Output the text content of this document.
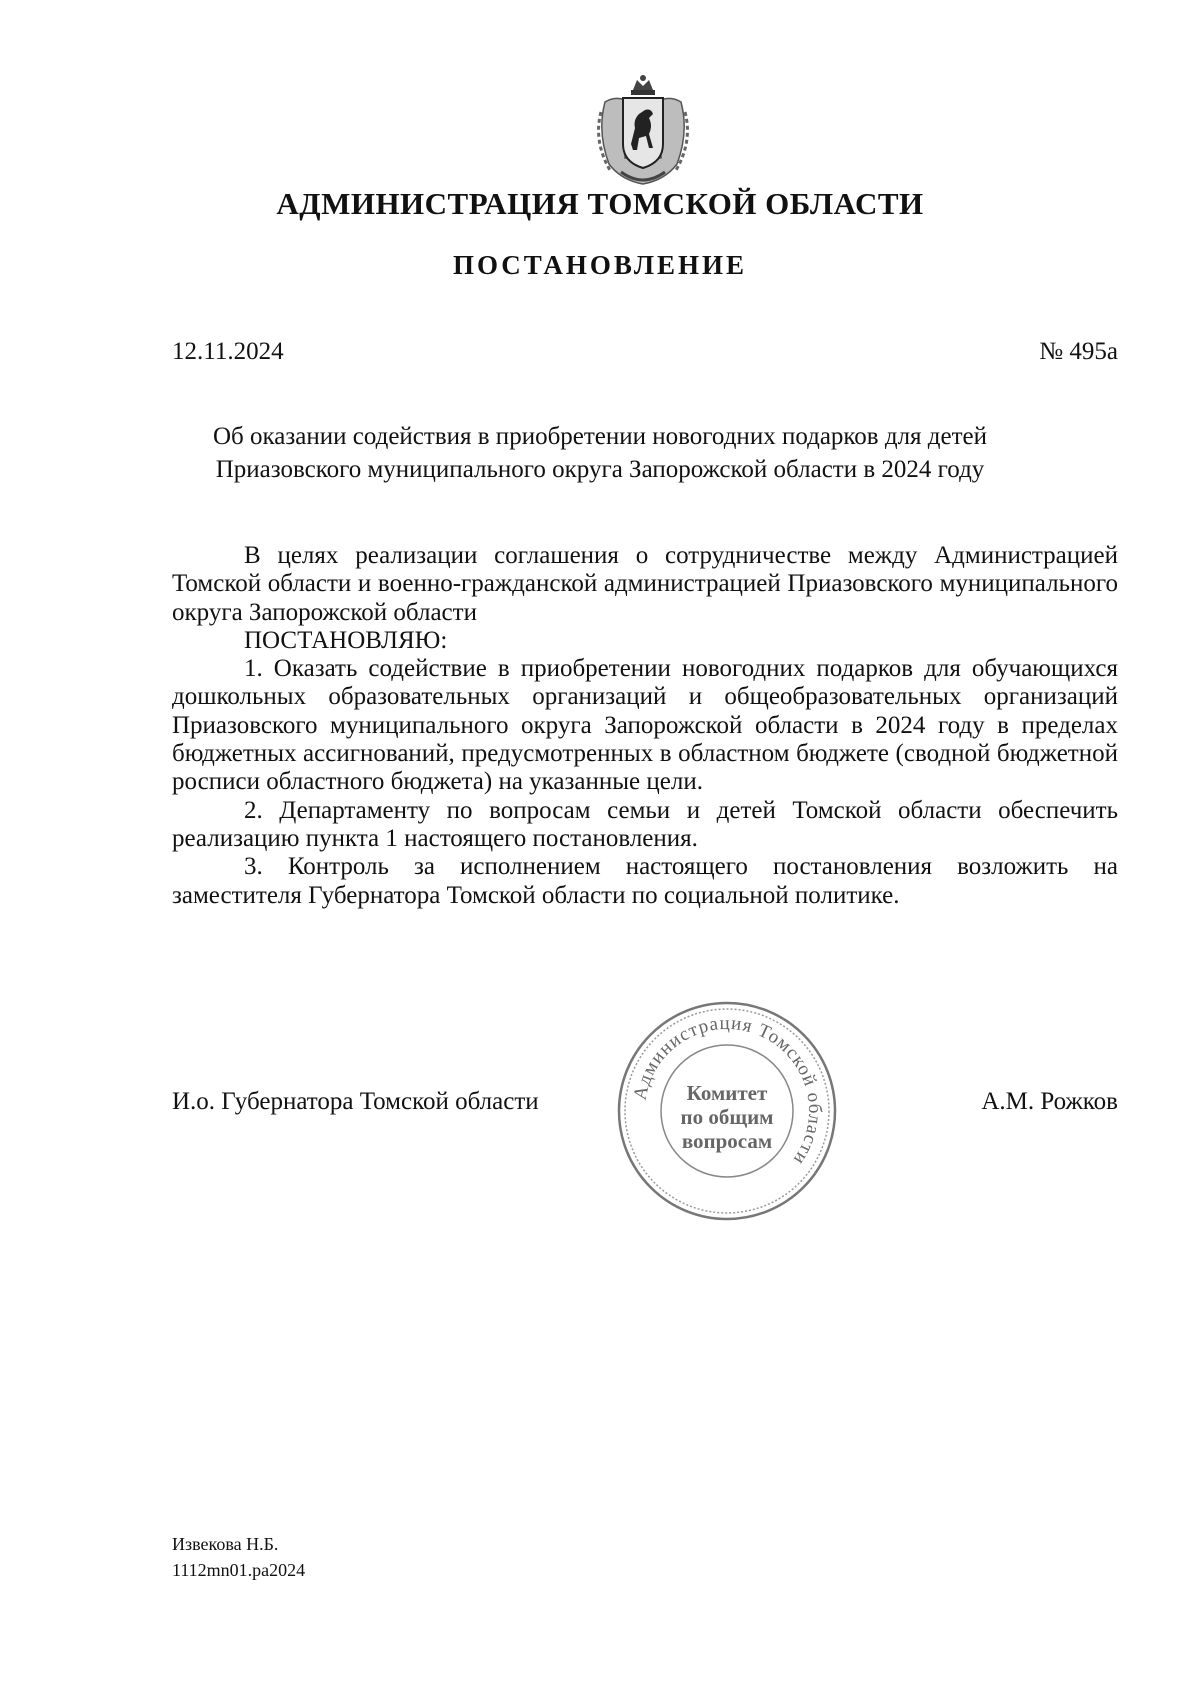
АДМИНИСТРАЦИЯ ТОМСКОЙ ОБЛАСТИ
ПОСТАНОВЛЕНИЕ
12.11.2024	№ 495а
Об оказании содействия в приобретении новогодних подарков для детей
Приазовского муниципального округа Запорожской области в 2024 году

В целях реализации соглашения о сотрудничестве между Администрацией Томской области и военно-гражданской администрацией Приазовского муниципального округа Запорожской области

ПОСТАНОВЛЯЮ:

1. Оказать содействие в приобретении новогодних подарков для обучающихся дошкольных образовательных организаций и общеобразовательных организаций Приазовского муниципального округа Запорожской области в 2024 году в пределах бюджетных ассигнований, предусмотренных в областном бюджете (сводной бюджетной росписи областного бюджета) на указанные цели.

2. Департаменту по вопросам семьи и детей Томской области обеспечить реализацию пункта 1 настоящего постановления.

3. Контроль за исполнением настоящего постановления возложить на заместителя Губернатора Томской области по социальной политике.

И.о. Губернатора Томской области	А.М. Рожков
Администрация Томской области
Комитет
по общим
вопросам
Извекова Н.Б.
1112mn01.pa2024
